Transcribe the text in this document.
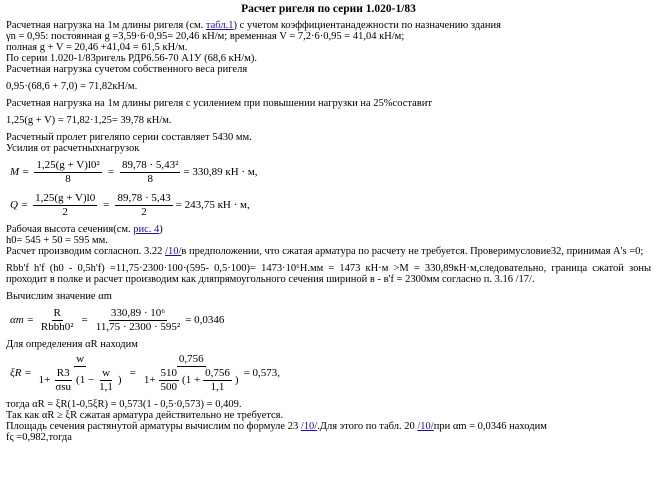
Расчет ригеля по серии 1.020-1/83

Расчетная нагрузка на 1м длины ригеля (см. табл.1) с учетом коэффициентанадежности по назначению здания

γn = 0,95: постоянная g =3,59·6·0,95= 20,46 кН/м; временная V = 7,2·6·0,95 = 41,04 кН/м;

полная g + V = 20,46 +41,04 = 61,5 кН/м.

По серии 1.020-1/83ригель РДР6.56-70 А1У (68,6 кН/м).

Расчетная нагрузка сучетом собственного веса ригеля

0,95·(68,6 + 7,0) = 71,82кН/м.

Расчетная нагрузка на 1м длины ригеля с усилением при повышении нагрузки на 25%составит

1,25(g + V) = 71,82·1,25= 39,78 кН/м.

Расчетный пролет ригеляпо серии составляет 5430 мм.

Усилия от расчетныхнагрузок

$M = \frac{\text{1,25(g + V)l0²}}{8} = \frac{\text{89,78 · 5,43²}}{8} = 330,89$ кН · м,
$Q = \frac{1,25(g + V)l0}{2} = \frac{89,78 \cdot 5,43}{2} = 243,75$ кН · м,

Рабочая высота сечения(см. рис. 4)

h0= 545 + 50 = 595 мм.

Расчет производим согласноп. 3.22 /10/в предположении, что сжатая арматура по расчету не требуется. Проверимусловие32, принимая A's =0;

Rbb'f h'f (h0 - 0,5h'f) =11,75·2300·100·(595- 0,5·100)= 1473·10⁶Н.мм = 1473 кН·м >M = 330,89кН·м,следовательно, граница сжатой зоны проходит в полке и расчет производим как дляпрямоугольного сечения шириной в - в'f = 2300мм согласно п. 3.16 /17/.

Вычислим значение αm

$\alpha m = \frac{R}{\text{Rbbh0²}} = \frac{\text{330,89 · 10⁶}}{\text{11,75 · 2300 · 595²}} = 0,0346$

Для определения αR находим

$\xi R = \frac{w}{1+ \frac{R3}{\text{σsu}} (1 - \frac{w}{1,1} )} = \frac{0,756}{1+ \frac{510}{500} (1 + \frac{0,756}{1,1} )} = 0,573$,

тогда αR = ξR(1-0,5ξR) = 0,573(1 - 0,5·0,573) = 0,409.

Так как αR ≥ ξR сжатая арматура действительно не требуется.

Площадь сечения растянутой арматуры вычислим по формуле 23 /10/.Для этого по табл. 20 /10/при αm = 0,0346 находим

fς =0,982,тогда
